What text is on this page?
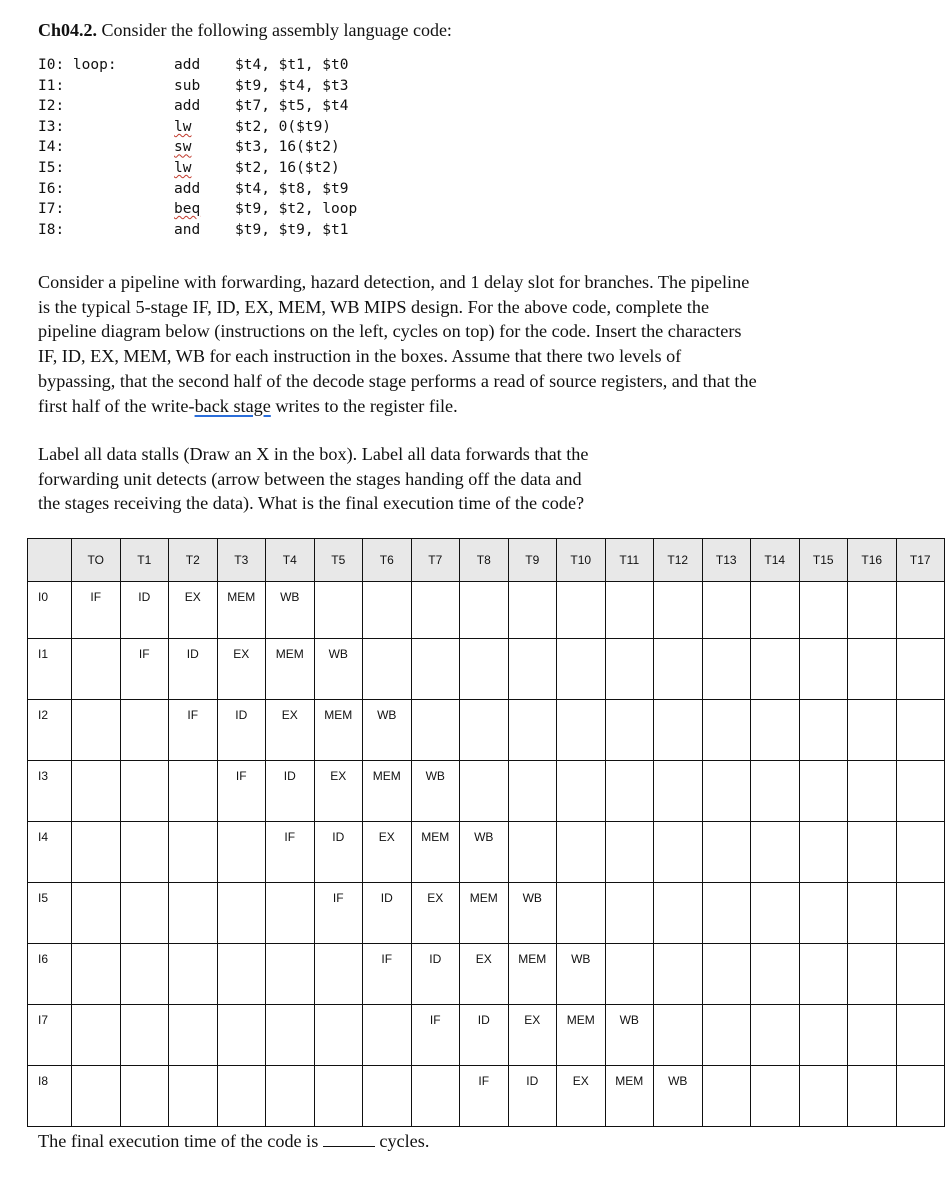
Ch04.2. Consider the following assembly language code:
I0: loop:	add $t4, $t1, $t0
I1:	sub $t9, $t4, $t3
I2:	add $t7, $t5, $t4
I3:	lw	$t2, 0($t9)
I4:	sw	$t3, 16($t2)
I5:	lw	$t2, 16($t2)
I6:	add $t4, $t8, $t9
I7:	beq $t9, $t2, loop
I8:	and $t9, $t9, $t1
Consider a pipeline with forwarding, hazard detection, and 1 delay slot for branches. The pipeline
is the typical 5-stage IF, ID, EX, MEM, WB MIPS design. For the above code, complete the
pipeline diagram below (instructions on the left, cycles on top) for the code. Insert the characters
IF, ID, EX, MEM, WB for each instruction in the boxes. Assume that there two levels of
bypassing, that the second half of the decode stage performs a read of source registers, and that the
first half of the write-back stage writes to the register file.
Label all data stalls (Draw an X in the box). Label all data forwards that the
forwarding unit detects (arrow between the stages handing off the data and
the stages receiving the data). What is the final execution time of the code?
	TO	T1	T2	T3	T4	T5	T6	T7	T8	T9	T10	T11	T12	T13	T14	T15	T16	T17
I0	IF	ID	EX	MEM	WB													
I1		IF	ID	EX	MEM	WB												
I2			IF	ID	EX	MEM	WB											
I3				IF	ID	EX	MEM	WB										
I4					IF	ID	EX	MEM	WB									
I5						IF	ID	EX	MEM	WB								
I6							IF	ID	EX	MEM	WB							
I7								IF	ID	EX	MEM	WB						
I8									IF	ID	EX	MEM	WB					
The final execution time of the code is	cycles.
